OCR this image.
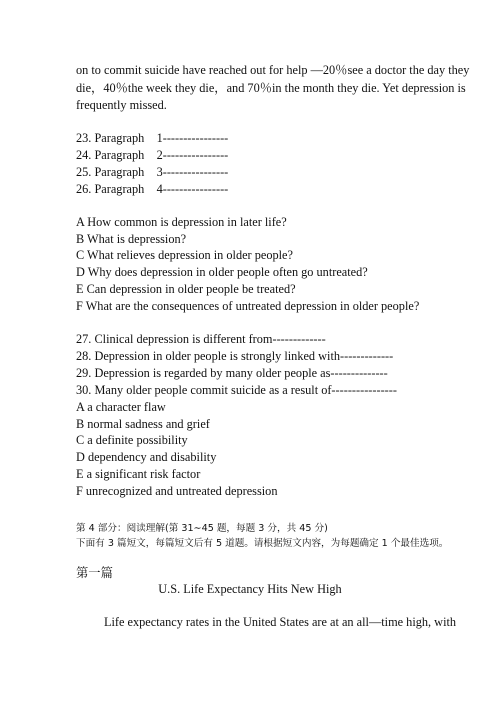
on to commit suicide have reached out for help —20％see a doctor the day they
die，40％the week they die，and 70％in the month they die. Yet depression is
frequently missed.
23. Paragraph    1----------------
24. Paragraph    2----------------
25. Paragraph    3----------------
26. Paragraph    4----------------
A How common is depression in later life?
B What is depression?
C What relieves depression in older people?
D Why does depression in older people often go untreated?
E Can depression in older people be treated?
F What are the consequences of untreated depression in older people?
27. Clinical depression is different from-------------
28. Depression in older people is strongly linked with-------------
29. Depression is regarded by many older people as--------------
30. Many older people commit suicide as a result of----------------
A a character flaw
B normal sadness and grief
C a definite possibility
D dependency and disability
E a significant risk factor
F unrecognized and untreated depression
第 4 部分：阅读理解(第 31∼45 题，每题 3 分，共 45 分)
下面有 3 篇短文，每篇短文后有 5 道题。请根据短文内容，为每题确定 1 个最佳选项。
第一篇
U.S. Life Expectancy Hits New High
Life expectancy rates in the United States are at an all—time high, with
